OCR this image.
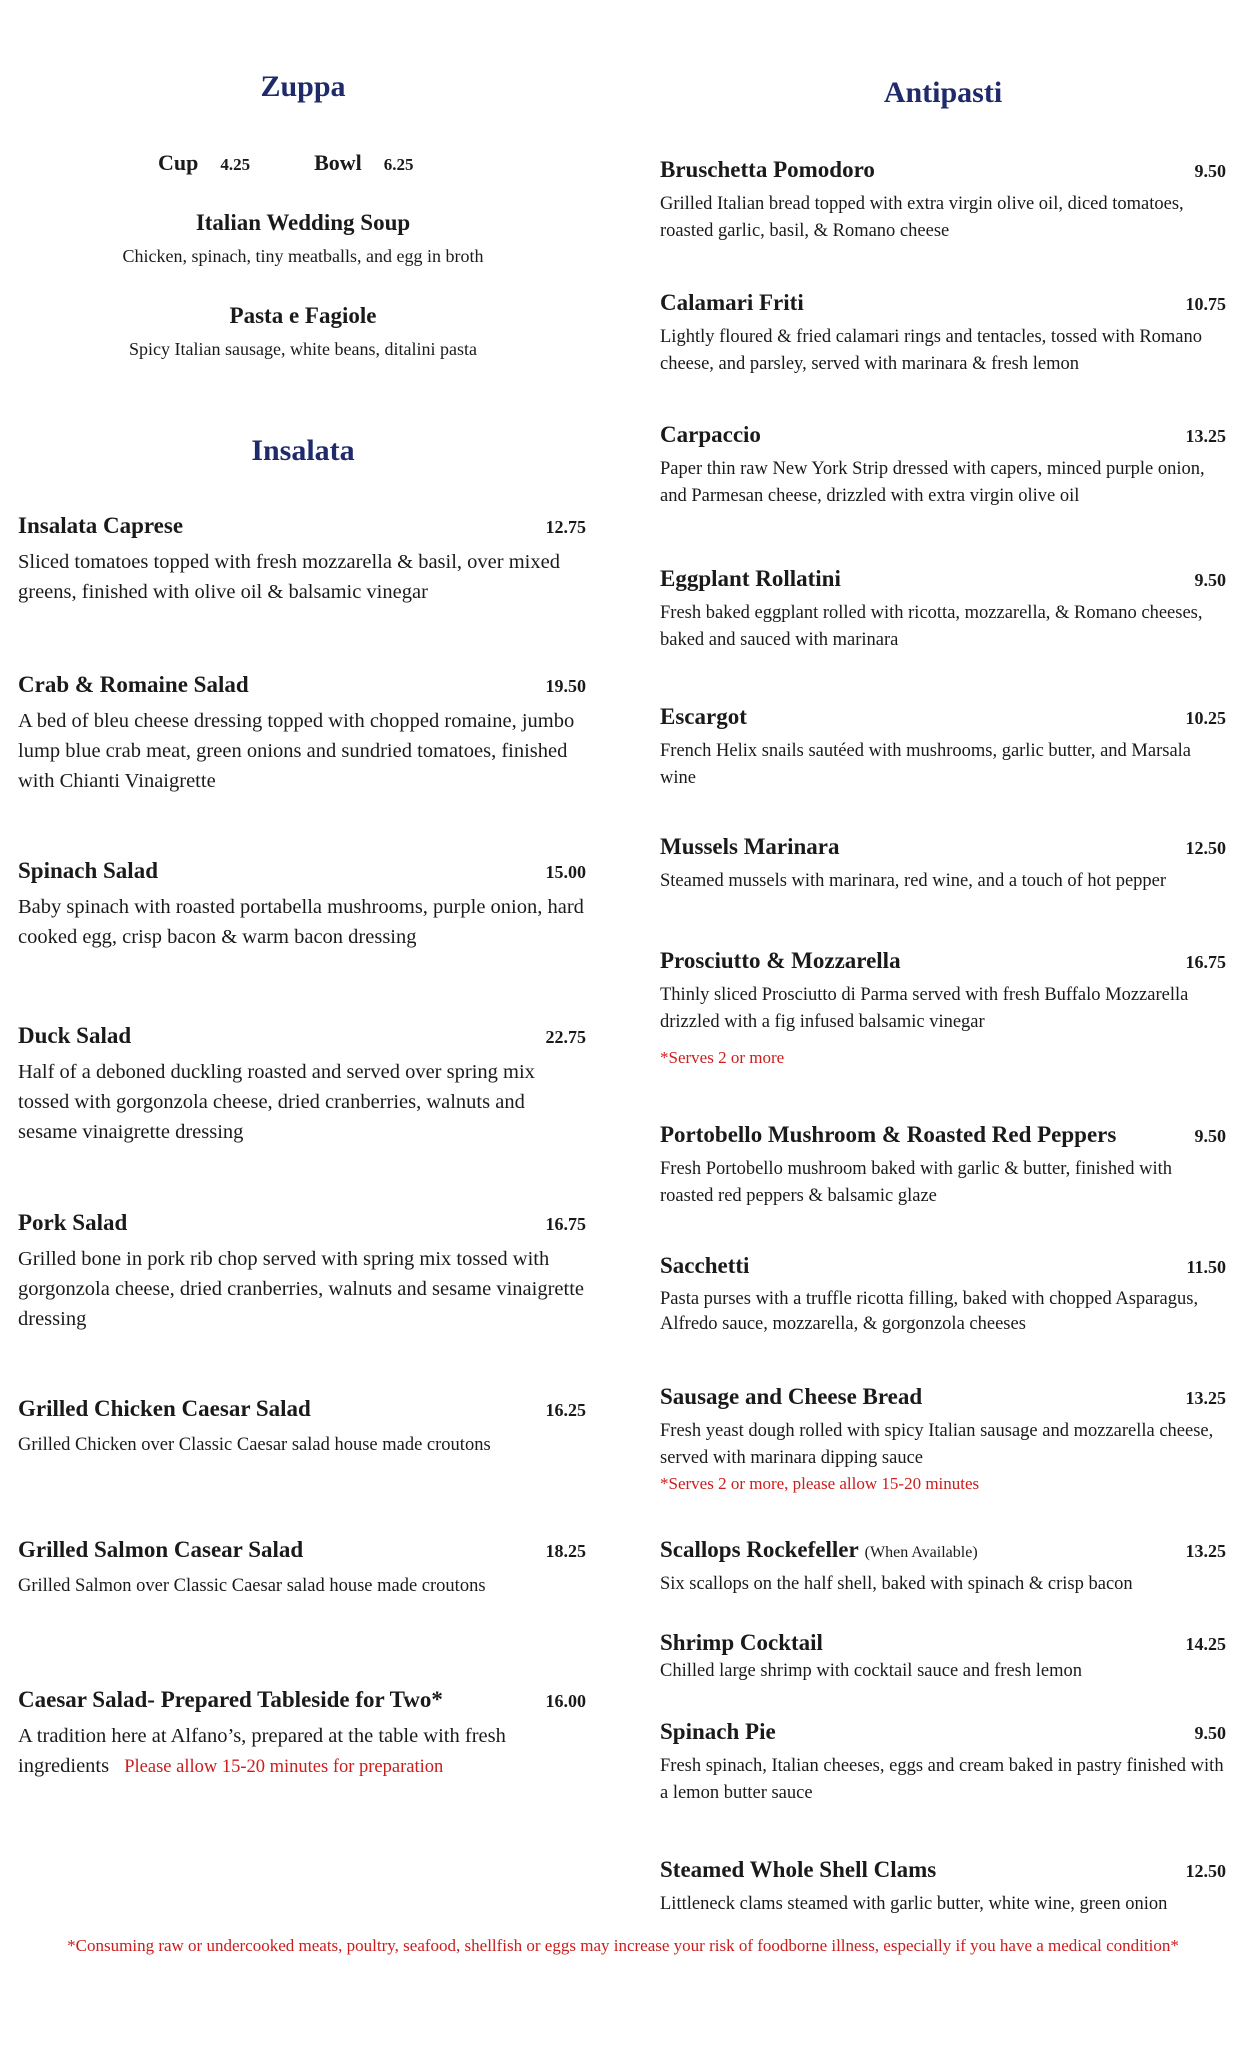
Zuppa
Cup 4.25	Bowl 6.25
Italian Wedding Soup
Chicken, spinach, tiny meatballs, and egg in broth
Pasta e Fagiole
Spicy Italian sausage, white beans, ditalini pasta
Insalata
Insalata Caprese	12.75
Sliced tomatoes topped with fresh mozzarella & basil, over mixed greens, finished with olive oil & balsamic vinegar
Crab & Romaine Salad	19.50
A bed of bleu cheese dressing topped with chopped romaine, jumbo lump blue crab meat, green onions and sundried tomatoes, finished with Chianti Vinaigrette
Spinach Salad	15.00
Baby spinach with roasted portabella mushrooms, purple onion, hard cooked egg, crisp bacon & warm bacon dressing
Duck Salad	22.75
Half of a deboned duckling roasted and served over spring mix tossed with gorgonzola cheese, dried cranberries, walnuts and sesame vinaigrette dressing
Pork Salad	16.75
Grilled bone in pork rib chop served with spring mix tossed with gorgonzola cheese, dried cranberries, walnuts and sesame vinaigrette dressing
Grilled Chicken Caesar Salad	16.25
Grilled Chicken over Classic Caesar salad house made croutons
Grilled Salmon Casear Salad	18.25
Grilled Salmon over Classic Caesar salad house made croutons
Caesar Salad- Prepared Tableside for Two*	16.00
A tradition here at Alfano’s, prepared at the table with fresh ingredients Please allow 15-20 minutes for preparation
Antipasti
Bruschetta Pomodoro	9.50
Grilled Italian bread topped with extra virgin olive oil, diced tomatoes, roasted garlic, basil, & Romano cheese
Calamari Friti	10.75
Lightly floured & fried calamari rings and tentacles, tossed with Romano cheese, and parsley, served with marinara & fresh lemon
Carpaccio	13.25
Paper thin raw New York Strip dressed with capers, minced purple onion, and Parmesan cheese, drizzled with extra virgin olive oil
Eggplant Rollatini	9.50
Fresh baked eggplant rolled with ricotta, mozzarella, & Romano cheeses, baked and sauced with marinara
Escargot	10.25
French Helix snails sautéed with mushrooms, garlic butter, and Marsala wine
Mussels Marinara	12.50
Steamed mussels with marinara, red wine, and a touch of hot pepper
Prosciutto & Mozzarella	16.75
Thinly sliced Prosciutto di Parma served with fresh Buffalo Mozzarella drizzled with a fig infused balsamic vinegar
*Serves 2 or more
Portobello Mushroom & Roasted Red Peppers	9.50
Fresh Portobello mushroom baked with garlic & butter, finished with roasted red peppers & balsamic glaze
Sacchetti	11.50
Pasta purses with a truffle ricotta filling, baked with chopped Asparagus, Alfredo sauce, mozzarella, & gorgonzola cheeses
Sausage and Cheese Bread	13.25
Fresh yeast dough rolled with spicy Italian sausage and mozzarella cheese, served with marinara dipping sauce
*Serves 2 or more, please allow 15-20 minutes
Scallops Rockefeller (When Available)	13.25
Six scallops on the half shell, baked with spinach & crisp bacon
Shrimp Cocktail	14.25
Chilled large shrimp with cocktail sauce and fresh lemon
Spinach Pie	9.50
Fresh spinach, Italian cheeses, eggs and cream baked in pastry finished with a lemon butter sauce
Steamed Whole Shell Clams	12.50
Littleneck clams steamed with garlic butter, white wine, green onion
*Consuming raw or undercooked meats, poultry, seafood, shellfish or eggs may increase your risk of foodborne illness, especially if you have a medical condition*
